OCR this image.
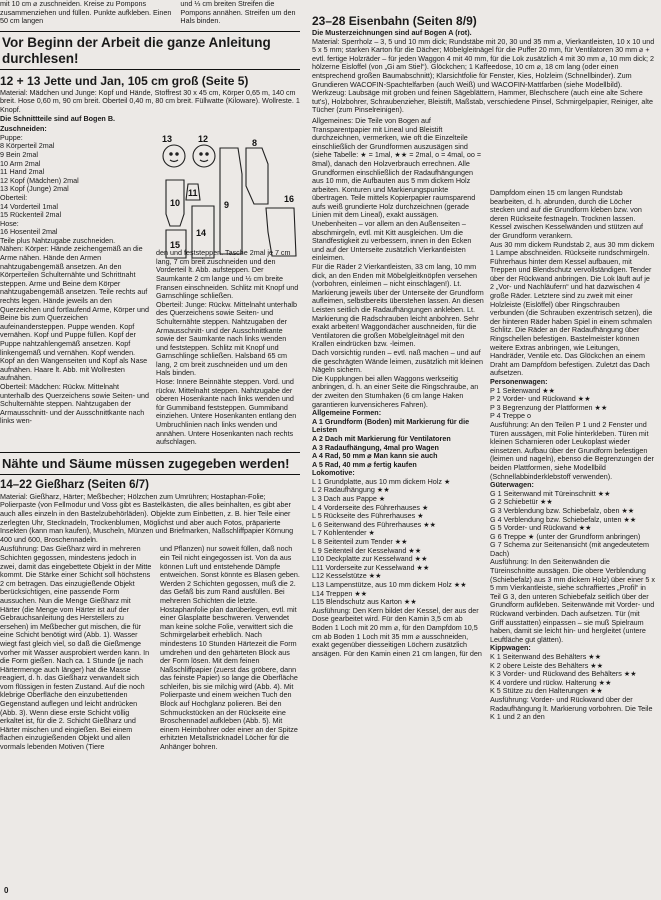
mit 10 cm ⌀ zuschneiden. Kreise zu Pompons zusammenziehen und füllen. Punkte aufkleben. Einen 50 cm langen

und ⅓ cm breiten Streifen die Pompons annähen. Streifen um den Hals binden.

Vor Beginn der Arbeit die ganze Anleitung durchlesen!
12 + 13 Jette und Jan, 105 cm groß (Seite 5)

Material: Mädchen und Junge: Kopf und Hände, Stoffrest 30 x 45 cm, Körper 0,65 m, 140 cm breit. Hose 0,60 m, 90 cm breit. Oberteil 0,40 m, 80 cm breit. Füllwatte (Kilowarе). Wollreste. 1 Knopf.

Die Schnittteile sind auf Bogen B.

Zuschneiden:

Puppe:
8 Körperteil 2mal
9 Bein 2mal
10 Arm 2mal
11 Hand 2mal
12 Kopf (Mädchen) 2mal
13 Kopf (Junge) 2mal
Oberteil:
14 Vorderteil 1mal
15 Rückenteil 2mal
Hose:
16 Hosenteil 2mal

Teile plus Nahtzugabe zuschneiden.
Nähen: Körper: Hände zeichengemäß an die Arme nähen. Hände den Armen nahtzugabengemäß ansetzen. An den Körperteilen Schulternähte und Schrittnaht steppen. Arme und Beine dem Körper nahtzugabengemäß ansetzen. Teile rechts auf rechts legen. Hände jeweils an den Querzeichen und fortlaufend Arme, Körper und Beine bis zum Querzeichen aufeinandersteppen. Puppe wenden. Kopf vernähen. Kopf und Puppe füllen. Kopf der Puppe nahtzahlengemäß ansetzen. Kopf linkengemäß und vernähen. Kopf wenden. Kopf an den Wangenseiten und Kopf als Nase aufnähen. Haare lt. Abb. mit Wollresten aufnähen.
Oberteil: Mädchen: Rückw. Mittelnaht unterhalb des Querzeichens sowie Seiten- und Schulternähte steppen. Nahtzugaben der Armausschnitt- und der Ausschnittkante nach links wen-

den und feststeppen. Tasche 2mal je 7 cm lang, 7 cm breit zuschneiden und den Vorderteil lt. Abb. aufsteppen. Der Saumkante 2 cm lange und ½ cm breite Fransen einschneiden. Schlitz mit Knopf und Garnschlinge schließen.
Oberteil: Junge: Rückw. Mittelnaht unterhalb des Querzeichens sowie Seiten- und Schulternähte steppen. Nahtzugaben der Armausschnitt- und der Ausschnittkante sowie der Saumkante nach links wenden und feststeppen. Schlitz mit Knopf und Garnschlinge schließen. Halsband 65 cm lang, 2 cm breit zuschneiden und um den Hals binden.
Hose: Innere Beinnähte steppen. Vord. und rückw. Mittelnaht steppen. Nahtzugabe der oberen Hosenkante nach links wenden und für Gummiband feststeppen. Gummiband einziehen. Untere Hosenkanten entlang den Umbruchlinien nach links wenden und annähen. Untere Hosenkanten nach rechts aufschlagen.

Nähte und Säume müssen zugegeben werden!
14–22 Gießharz (Seiten 6/7)

Material: Gießharz, Härter; Meßbecher; Hölzchen zum Umrühren; Hostaphan-Folie; Polierpaste (von Fellmodur und Voss gibt es Bastelkästen, die alles beinhalten, es gibt aber auch alles einzeln in den Bastelzubehörläden). Objekte zum Einbetten, z. B. hier Teile einer zerlegten Uhr, Stecknadeln, Trockenblumen, Möglichst und aber auch Fotos, präparierte Insekten (kann man kaufen), Muscheln, Münzen und Briefmarken, Naßschliffpapier Körnung 400 und 600, Broschennadeln.

Ausführung: Das Gießharz wird in mehreren Schichten gegossen, mindestens jedoch in zwei, damit das eingebettete Objekt in der Mitte kommt. Die Stärke einer Schicht soll höchstens 2 cm betragen. Das einzugießende Objekt berücksichtigen, eine passende Form aussuchen. Nun die Menge Gießharz mit Härter (die Menge vom Härter ist auf der Gebrauchsanleitung des Herstellers zu ersehen) im Meßbecher gut mischen, die für eine Schicht benötigt wird (Abb. 1). Wasser wiegt fast gleich viel, so daß die Gießmenge vorher mit Wasser ausprobiert werden kann. In die Form gießen. Nach ca. 1 Stunde (je nach Härtermenge auch länger) hat die Masse reagiert, d. h. das Gießharz verwandelt sich vom flüssigen in festen Zustand. Auf die noch klebrige Oberfläche den einzubettenden Gegenstand auflegen und leicht andrücken (Abb. 3). Wenn diese erste Schicht völlig erkaltet ist, für die 2. Schicht Gießharz und Härter mischen und eingießen. Bei einem flachen einzugießenden Objekt und allen vormals lebenden Motiven (Tiere

und Pflanzen) nur soweit füllen, daß noch ein Teil nicht eingegossen ist. Von da aus können Luft und entstehende Dämpfe entweichen. Sonst könnte es Blasen geben. Werden 2 Schichten gegossen, muß die 2. das Gefäß bis zum Rand ausfüllen. Bei mehreren Schichten die letzte. Hostaphanfolie plan darüberlegen, evtl. mit einer Glasplatte beschweren. Verwendet man keine solche Folie, verwittert sich die Schmirgelarbeit erheblich. Nach mindestens 10 Stunden Härtezeit die Form umdrehen und den gehärteten Block aus der Form lösen. Mit dem feinen Naßschliffpapier (zuerst das gröbere, dann das feinste Papier) so lange die Oberfläche schleifen, bis sie milchig wird (Abb. 4). Mit Polierpaste und einem weichen Tuch den Block auf Hochglanz polieren. Bei den Schmuckstücken an der Rückseite eine Broschennadel aufkleben (Abb. 5). Mit einem Heimbohrer oder einer an der Spitze erhitzten Metallstricknadel Löcher für die Anhänger bohren.

13	12
10
11
15
14
9
8
16
23–28 Eisenbahn (Seiten 8/9)

Die Musterzeichnungen sind auf Bogen A (rot).

Material: Sperrholz – 3, 5 und 10 mm dick; Rundstäbe mit 20, 30 und 35 mm ⌀, Vierkantleisten, 10 x 10 und 5 x 5 mm; starken Karton für die Dächer; Möbelgleitnägel für die Puffer 20 mm, für Ventilatoren 30 mm ⌀ + evtl. fertige Holzräder – für jeden Waggon 4 mit 40 mm, für die Lok zusätzlich 4 mit 30 mm ⌀, 10 mm dick; 2 hölzerne Eisloffel (von „Gi am Stiel“). Glöckchen; 1 Kaffeedose, 10 cm ⌀, 18 cm lang (oder einen entsprechend großen Baumabschnitt); Klarsichtfolie für Fenster, Kies, Holzleim (Schnellbinder). Zum Grundieren WACOFIN-Spachtelfarben (auch Weiß) und WACOFIN-Mattfarben (siehe Modellbild).

Werkzeug: Laubsäge mit groben und feinen Sägeblättern, Hammer, Blechschere (auch eine alte Schere tut's), Holzbohrer, Schraubenzieher, Bleistift, Maßstab, verschiedene Pinsel, Schmirgelpapier, Reiniger, alte Tücher (zum Pinselreinigen).

Allgemeines: Die Teile von Bogen auf Transparentpapier mit Lineal und Bleistift durchzeichnen, vermerken, wie oft die Einzelteile einschließlich der Grundformen auszusägen sind (siehe Tabelle: ★ = 1mal, ★★ = 2mal, o = 4mal, oo = 8mal), danach den Holzverbrauch errechnen. Alle Grundformen einschließlich der Radaufhängungen aus 10 mm, die Aufbauten aus 5 mm dickem Holz arbeiten. Konturen und Markierungspunkte übertragen. Teile mittels Kopierpapier raumsparend aufs weiß grundierte Holz durchzeichnen (gerade Linien mit dem Lineal), exakt aussägen. Unebenheiten – vor allem an den Außenseiten – abschmirgeln, evtl. mit Kitt ausgleichen. Um die Standfestigkeit zu verbessern, innen in den Ecken und auf der Unterseite zusätzlich Vierkantleisten einleimen.
Für die Räder 2 Vierkantleisten, 33 cm lang, 10 mm dick, an den Enden mit Möbelgleitknöpfen versehen (vorbohren, einleimen – nicht einschlagen!). Lt. Markierung jeweils über der Unterseite der Grundform aufleimen, selbstbereits überstehen lassen. An diesen Leisten seitlich die Radaufhängungen ankleben. Lt. Markierung die Radschrauben leicht anbohren. Sehr exakt arbeiten! Waggondächer auschneiden, für die Ventilatoren die großen Möbelgleitnägel mit den Krallen eindrücken bzw. -leimen.
Dach vorsichtig runden – evtl. naß machen – und auf die geschrägten Wände leimen, zusätzlich mit kleinen Nägeln sichern.
Die Kupplungen bei allen Waggons werkseitig anbringen, d. h. an einer Seite die Ringschraube, an der zweiten den Stumhaken (6 cm lange Haken garantieren kurvensicheres Fahren).

Allgemeine Formen:

A 1 Grundform (Boden) mit Markierung für die Leisten
A 2 Dach mit Markierung für Ventilatoren
A 3 Radaufhängung, 4mal pro Wagen
A 4 Rad, 50 mm ⌀ Man kann sie auch
A 5 Rad, 40 mm ⌀ fertig kaufen

Lokomotive:

L 1 Grundplatte, aus 10 mm dickem Holz ★
L 2 Radaufhängung ★★
L 3 Dach aus Pappe ★
L 4 Vorderseite des Führerhauses ★
L 5 Rückseite des Führerhauses ★
L 6 Seitenwand des Führerhauses ★★
L 7 Kohlentender ★
L 8 Seitenteil zum Tender ★★
L 9 Seitenteil der Kesselwand ★★
L10 Deckplatte zur Kesselwand ★★
L11 Vorderseite zur Kesselwand ★★
L12 Kesselstütze ★★
L13 Lampenstütze, aus 10 mm dickem Holz ★★
L14 Treppen ★★
L15 Blendschutz aus Karton ★★

Ausführung: Den Kern bildet der Kessel, der aus der Dose gearbeitet wird. Für den Kamin 3,5 cm ab Boden 1 Loch mit 20 mm ⌀, für den Dampfdom 10,5 cm ab Boden 1 Loch mit 35 mm ⌀ ausschneiden, exakt gegenüber diesseitigen Löchern zusätzlich ansägen. Für den Kamin einen 21 cm langen, für den

Dampfdom einen 15 cm langen Rundstab bearbeiten, d. h. abrunden, durch die Löcher stecken und auf die Grundform kleben bzw. von deren Rückseite festnageln. Trocknen lassen. Kessel zwischen Kesselwänden und stützen auf der Grundform verankern.
Aus 30 mm dickem Rundstab 2, aus 30 mm dickem 1 Lampe abschneiden. Rückseite rundschmirgeln. Führerhaus hinter dem Kessel aufbauen, mit Treppen und Blendschutz vervollständigen. Tender über der Rückwand anbringen. Die Lok läuft auf je 2 „Vor- und Nachläufern“ und hat dazwischen 4 große Räder. Letztere sind zu zweit mit einer Holzleiste (Eislöffel) über Ringschrauben verbunden (die Schrauben exzentrisch setzen), die der hinteren Räder haben Spiel in einem schmalen Schlitz. Die Räder an der Radaufhängung über Ringschellen befestigen. Bastelmeister können weitere Extras anbringen, wie Leitungen, Handräder, Ventile etc. Das Glöckchen an einem Draht am Dampfdom befestigen. Zuletzt das Dach aufsetzen.

Personenwagen:

P 1 Seitenwand ★★
P 2 Vorder- und Rückwand ★★
P 3 Begrenzung der Plattformen ★★
P 4 Treppe o

Ausführung: An den Teilen P 1 und 2 Fenster und Türen aussägen, mit Folie hinterkleben. Türen mit kleinen Scharnieren oder Leukoplast wieder einsetzen. Aufbau über der Grundform befestigen (leimen und nageln), ebenso die Begrenzungen der beiden Plattformen, siehe Modellbild (Schnellabbinderklebstoff verwenden).

Güterwagen:

G 1 Seitenwand mit Türeinschnitt ★★
G 2 Schiebetür ★★
G 3 Verblendung bzw. Schiebefalz, oben ★★
G 4 Verblendung bzw. Schiebefalz, unten ★★
G 5 Vorder- und Rückwand ★★
G 6 Treppe ★ (unter der Grundform anbringen)
G 7 Schema zur Seitenansicht (mit angedeutetem Dach)

Ausführung: In den Seitenwänden die Türeinschnitte aussägen. Die obere Verblendung (Schiebefalz) aus 3 mm dickem Holz) über einer 5 x 5 mm Vierkantleiste, siehe schraffiertes „Profil“ in Teil G 3, den unteren Schiebefalz seitlich über der Grundform aufkleben. Seitenwände mit Vorder- und Rückwand verbinden. Dach aufsetzen. Tür (mit Griff ausstatten) einpassen – sie muß Spielraum haben, damit sie leicht hin- und hergleitet (untere Leuftläche gut glätten).

Kippwagen:

K 1 Seitenwand des Behälters ★★
K 2 obere Leiste des Behälters ★★
K 3 Vorder- und Rückwand des Behälters ★★
K 4 vordere und rückw. Halterung ★★
K 5 Stütze zu den Halterungen ★★

Ausführung: Vorder- und Rückwand über der Radaufhängung lt. Markierung vorbohren. Die Teile K 1 und 2 an den

0
